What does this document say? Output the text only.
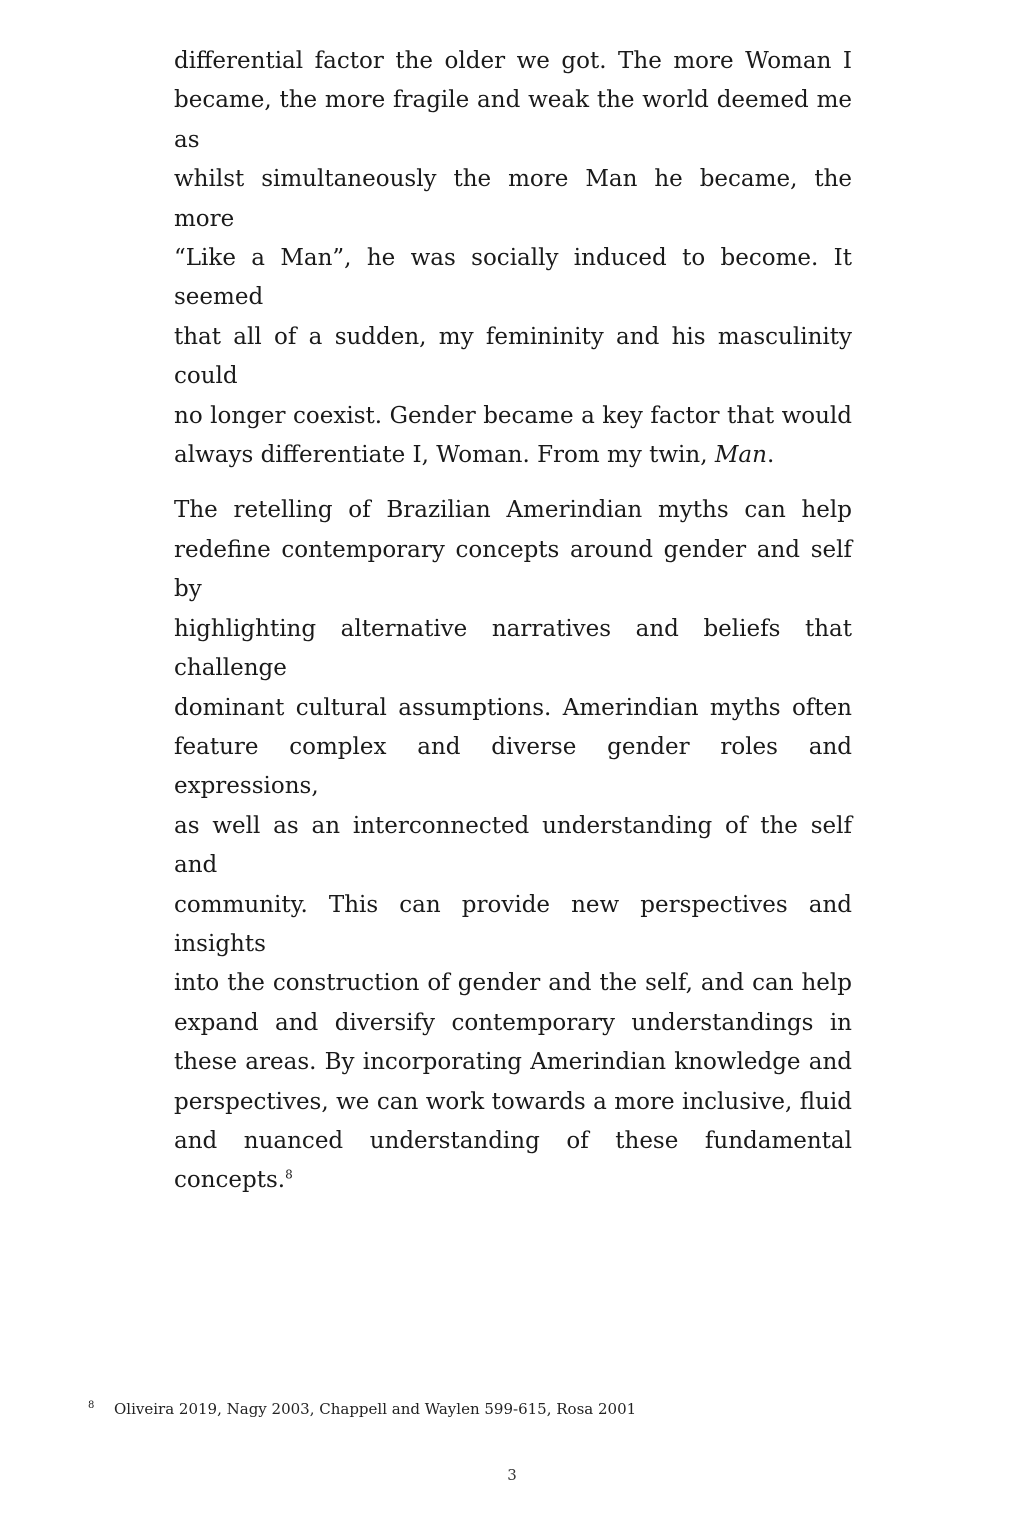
differential factor the older we got. The more Woman I
became, the more fragile and weak the world deemed me as
whilst simultaneously the more Man he became, the more
“Like a Man”, he was socially induced to become. It seemed
that all of a sudden, my femininity and his masculinity could
no longer coexist. Gender became a key factor that would
always differentiate I, Woman. From my twin, Man.

The retelling of Brazilian Amerindian myths can help
redefine contemporary concepts around gender and self by
highlighting alternative narratives and beliefs that challenge
dominant cultural assumptions. Amerindian myths often
feature complex and diverse gender roles and expressions,
as well as an interconnected understanding of the self and
community. This can provide new perspectives and insights
into the construction of gender and the self, and can help
expand and diversify contemporary understandings in
these areas. By incorporating Amerindian knowledge and
perspectives, we can work towards a more inclusive, fluid
and nuanced understanding of these fundamental concepts.$^8$

8 Oliveira 2019, Nagy 2003, Chappell and Waylen 599-615, Rosa 2001
3
